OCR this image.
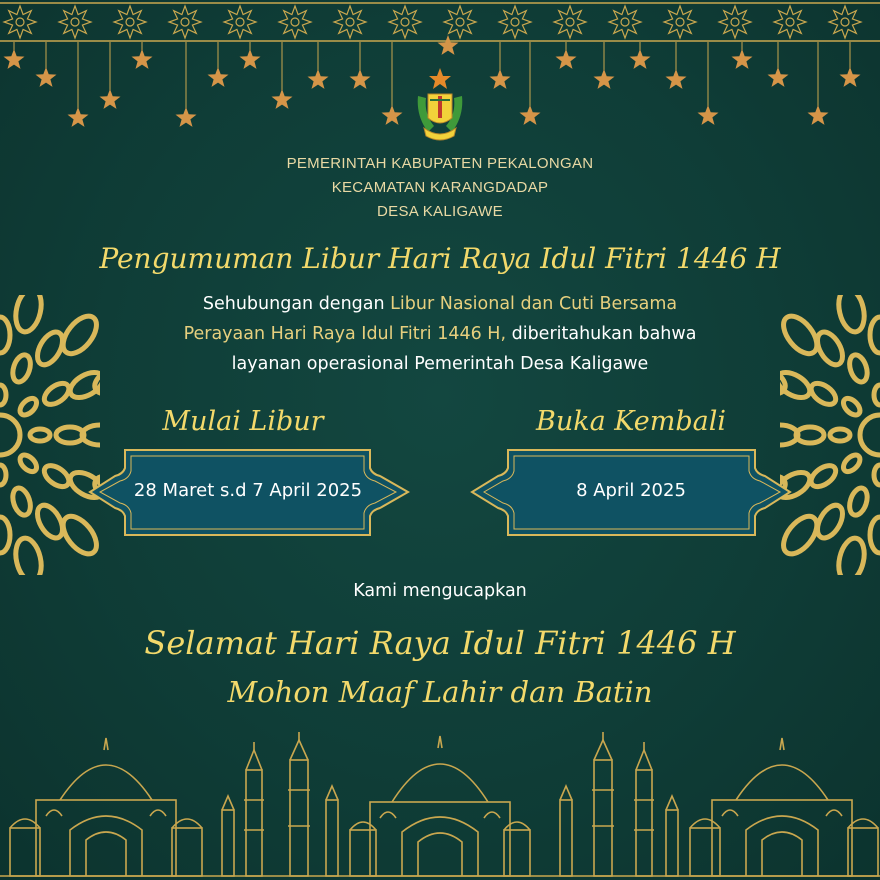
PEMERINTAH KABUPATEN PEKALONGAN

KECAMATAN KARANGDADAP

DESA KALIGAWE

Pengumuman Libur Hari Raya Idul Fitri 1446 H

Sehubungan dengan Libur Nasional dan Cuti Bersama

Perayaan Hari Raya Idul Fitri 1446 H, diberitahukan bahwa

layanan operasional Pemerintah Desa Kaligawe

Mulai Libur	Buka Kembali

28 Maret s.d 7 April 2025	8 April 2025

Kami mengucapkan

Selamat Hari Raya Idul Fitri 1446 H

Mohon Maaf Lahir dan Batin
